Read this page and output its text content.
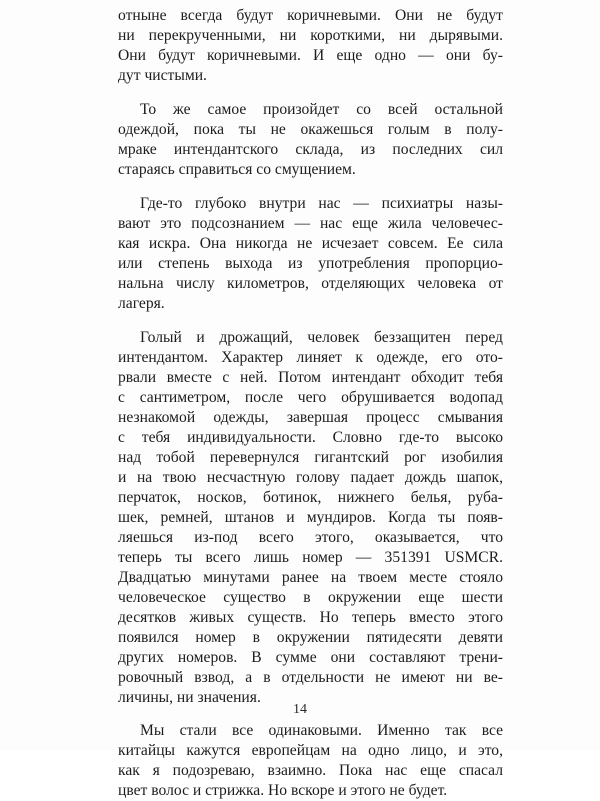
отныне всегда будут коричневыми. Они не будут
ни перекрученными, ни короткими, ни дырявыми.
Они будут коричневыми. И еще одно — они бу-
дут чистыми.
То же самое произойдет со всей остальной
одеждой, пока ты не окажешься голым в полу-
мраке интендантского склада, из последних сил
стараясь справиться со смущением.
Где-то глубоко внутри нас — психиатры назы-
вают это подсознанием — нас еще жила человечес-
кая искра. Она никогда не исчезает совсем. Ее сила
или степень выхода из употребления пропорцио-
нальна числу километров, отделяющих человека от
лагеря.
Голый и дрожащий, человек беззащитен перед
интендантом. Характер линяет к одежде, его ото-
рвали вместе с ней. Потом интендант обходит тебя
с сантиметром, после чего обрушивается водопад
незнакомой одежды, завершая процесс смывания
с тебя индивидуальности. Словно где-то высоко
над тобой перевернулся гигантский рог изобилия
и на твою несчастную голову падает дождь шапок,
перчаток, носков, ботинок, нижнего белья, руба-
шек, ремней, штанов и мундиров. Когда ты появ-
ляешься из-под всего этого, оказывается, что
теперь ты всего лишь номер — 351391 USMCR.
Двадцатью минутами ранее на твоем месте стояло
человеческое существо в окружении еще шести
десятков живых существ. Но теперь вместо этого
появился номер в окружении пятидесяти девяти
других номеров. В сумме они составляют трени-
ровочный взвод, а в отдельности не имеют ни ве-
личины, ни значения.
Мы стали все одинаковыми. Именно так все
китайцы кажутся европейцам на одно лицо, и это,
как я подозреваю, взаимно. Пока нас еще спасал
цвет волос и стрижка. Но вскоре и этого не будет.
14
